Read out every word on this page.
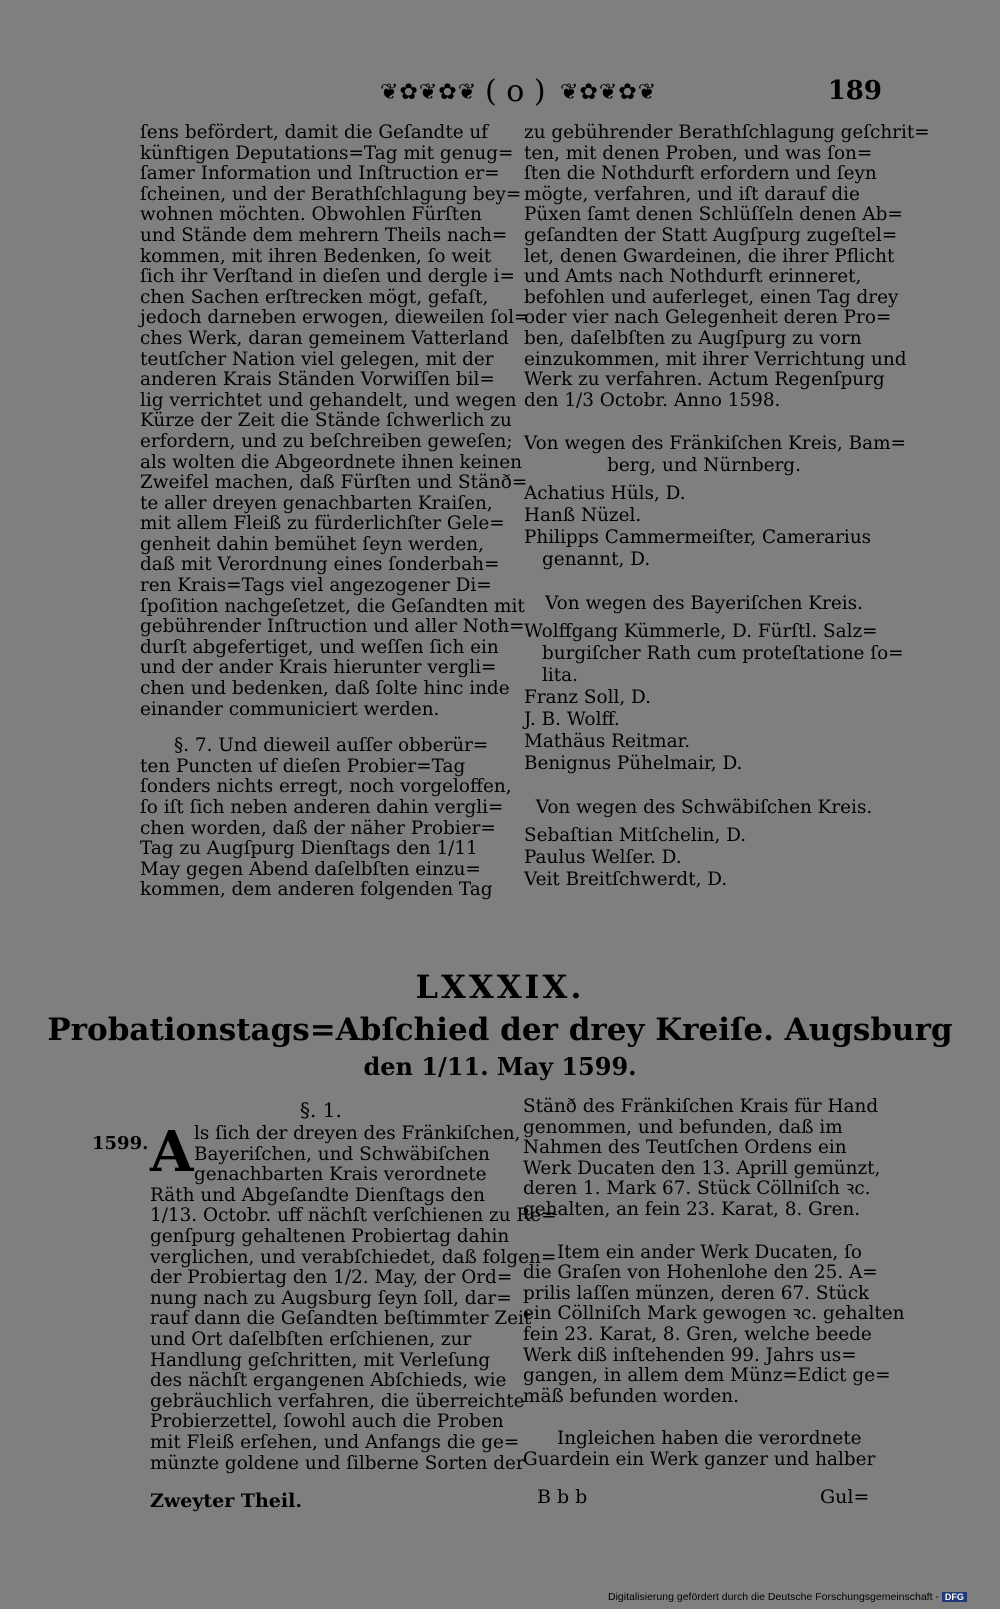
❦✿❦✿❦ ( o ) ❦✿❦✿❦	189
ſens befördert, damit die Geſandte uf
künftigen Deputations=Tag mit genug=
ſamer Information und Inſtruction er=
ſcheinen, und der Berathſchlagung bey=
wohnen möchten. Obwohlen Fürſten
und Stände dem mehrern Theils nach=
kommen, mit ihren Bedenken, ſo weit
ſich ihr Verſtand in dieſen und dergle i=
chen Sachen erſtrecken mögt, gefaſt,
jedoch darneben erwogen, dieweilen ſol=
ches Werk, daran gemeinem Vatterland
teutſcher Nation viel gelegen, mit der
anderen Krais Ständen Vorwiſſen bil=
lig verrichtet und gehandelt, und wegen
Kürze der Zeit die Stände ſchwerlich zu
erfordern, und zu beſchreiben geweſen;
als wolten die Abgeordnete ihnen keinen
Zweifel machen, daß Fürſten und Stänð=
te aller dreyen genachbarten Kraiſen,
mit allem Fleiß zu fürderlichſter Gele=
genheit dahin bemühet ſeyn werden,
daß mit Verordnung eines ſonderbah=
ren Krais=Tags viel angezogener Di=
ſpoſition nachgeſetzet, die Geſandten mit
gebührender Inſtruction und aller Noth=
durſt abgefertiget, und weſſen ſich ein
und der ander Krais hierunter vergli=
chen und bedenken, daß ſolte hinc inde
einander communiciert werden.
§. 7. Und dieweil auſſer obberür=
ten Puncten uf dieſen Probier=Tag
ſonders nichts erregt, noch vorgeloffen,
ſo iſt ſich neben anderen dahin vergli=
chen worden, daß der näher Probier=
Tag zu Augſpurg Dienſtags den 1/11
May gegen Abend daſelbſten einzu=
kommen, dem anderen folgenden Tag
zu gebührender Berathſchlagung geſchrit=
ten, mit denen Proben, und was ſon=
ſten die Nothdurft erfordern und ſeyn
mögte, verfahren, und iſt darauf die
Püxen ſamt denen Schlüſſeln denen Ab=
geſandten der Statt Augſpurg zugeſtel=
let, denen Gwardeinen, die ihrer Pflicht
und Amts nach Nothdurft erinneret,
befohlen und auferleget, einen Tag drey
oder vier nach Gelegenheit deren Pro=
ben, daſelbſten zu Augſpurg zu vorn
einzukommen, mit ihrer Verrichtung und
Werk zu verfahren. Actum Regenſpurg
den 1/3 Octobr. Anno 1598.
Von wegen des Fränkiſchen Kreis, Bam=
berg, und Nürnberg.
Achatius Hüls, D.
Hanß Nüzel.
Philipps Cammermeiſter, Camerarius
genannt, D.
Von wegen des Bayeriſchen Kreis.
Wolffgang Kümmerle, D. Fürſtl. Salz=
burgiſcher Rath cum proteſtatione ſo=
lita.
Franz Soll, D.
J. B. Wolff.
Mathäus Reitmar.
Benignus Pühelmair, D.
Von wegen des Schwäbiſchen Kreis.
Sebaſtian Mitſchelin, D.
Paulus Welſer. D.
Veit Breitſchwerdt, D.
LXXXIX.
Probationstags=Abſchied der drey Kreiſe. Augsburg
den 1/11. May 1599.
§. 1.
1599. A ls ſich der dreyen des Fränkiſchen,
Bayeriſchen, und Schwäbiſchen
genachbarten Krais verordnete
Räth und Abgeſandte Dienſtags den
1/13. Octobr. uff nächſt verſchienen zu Re=
genſpurg gehaltenen Probiertag dahin
verglichen, und verabſchiedet, daß folgen=
der Probiertag den 1/2. May, der Ord=
nung nach zu Augsburg ſeyn ſoll, dar=
rauf dann die Geſandten beſtimmter Zeit
und Ort daſelbſten erſchienen, zur
Handlung geſchritten, mit Verleſung
des nächſt ergangenen Abſchieds, wie
gebräuchlich verfahren, die überreichte
Probierzettel, ſowohl auch die Proben
mit Fleiß erſehen, und Anfangs die ge=
münzte goldene und ſilberne Sorten der
Stänð des Fränkiſchen Krais für Hand
genommen, und befunden, daß im
Nahmen des Teutſchen Ordens ein
Werk Ducaten den 13. Aprill gemünzt,
deren 1. Mark 67. Stück Cöllniſch ꝛc.
gehalten, an fein 23. Karat, 8. Gren.
Item ein ander Werk Ducaten, ſo
die Graſen von Hohenlohe den 25. A=
prilis laſſen münzen, deren 67. Stück
ein Cöllniſch Mark gewogen ꝛc. gehalten
fein 23. Karat, 8. Gren, welche beede
Werk diß inſtehenden 99. Jahrs us=
gangen, in allem dem Münz=Edict ge=
mäß befunden worden.
Ingleichen haben die verordnete
Guardein ein Werk ganzer und halber
Zweyter Theil.	Bbb	Gul=
Digitalisierung gefördert durch die Deutsche Forschungsgemeinschaft - DFG
